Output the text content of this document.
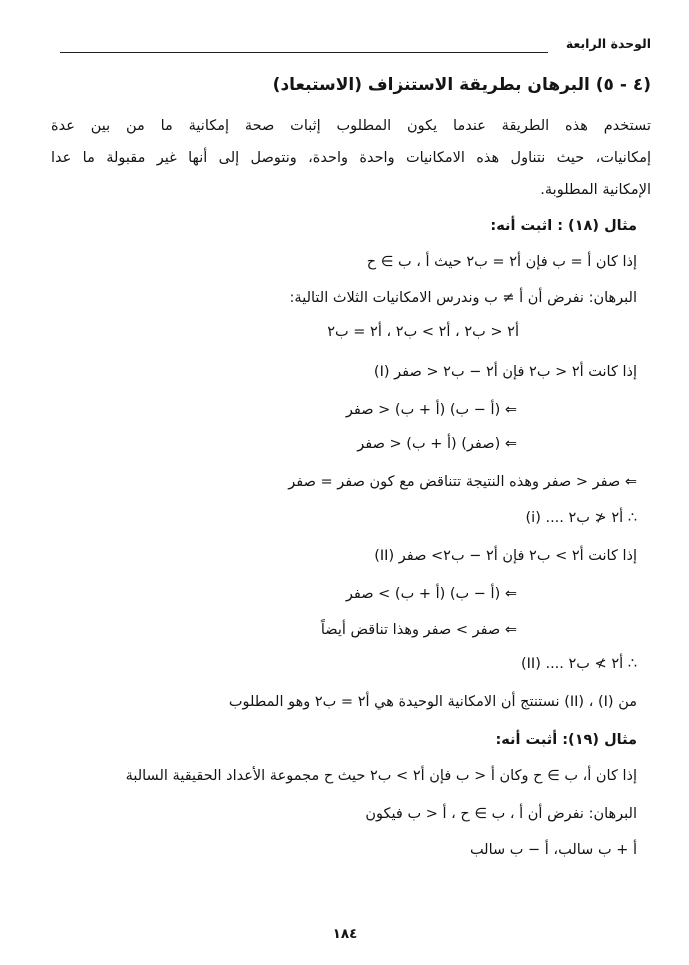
الوحدة الرابعة
(٤ - ٥) البرهان بطريقة الاستنزاف (الاستبعاد)
تستخدم هذه الطريقة عندما يكون المطلوب إثبات صحة إمكانية ما من بين عدة
إمكانيات، حيث نتناول هذه الامكانيات واحدة واحدة، ونتوصل إلى أنها غير مقبولة ما عدا
الإمكانية المطلوبة.
مثال (١٨) : اثبت أنه:
إذا كان أ = ب فإن أ٢ = ب٢ حيث أ ، ب ∋ ح
البرهان: نفرض أن أ ≠ ب وندرس الامكانيات الثلاث التالية:
أ٢ < ب٢ ، أ٢ > ب٢ ، أ٢ = ب٢
(I) إذا كانت أ٢ < ب٢ فإن أ٢ − ب٢ < صفر
⇐ (أ − ب) (أ + ب) < صفر
⇐ (صفر) (أ + ب) < صفر
⇐ صفر < صفر وهذه النتيجة تتناقض مع كون صفر = صفر
∴ أ٢ ≮ ب٢ .... (i)
(II) إذا كانت أ٢ > ب٢ فإن أ٢ − ب٢> صفر
⇐ (أ − ب) (أ + ب) > صفر
⇐ صفر > صفر وهذا تناقض أيضاً
∴ أ٢ ≯ ب٢ .... (II)
من (I) ، (II) نستنتج أن الامكانية الوحيدة هي أ٢ = ب٢ وهو المطلوب
مثال (١٩): أثبت أنه:
إذا كان أ، ب ∋ ح وكان أ < ب فإن أ٢ > ب٢ حيث ح مجموعة الأعداد الحقيقية السالبة
البرهان: نفرض أن أ ، ب ∋ ح ، أ < ب فيكون
أ + ب سالب، أ − ب سالب
١٨٤
